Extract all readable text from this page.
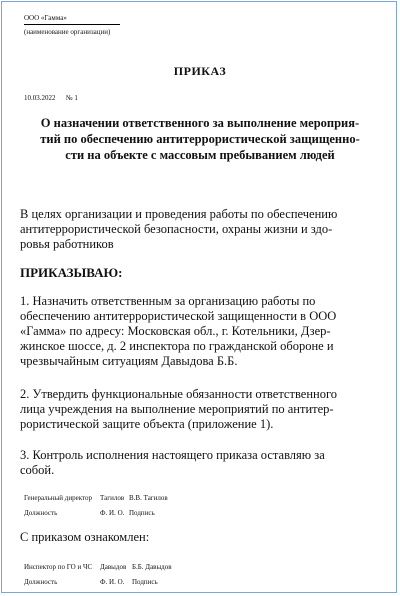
ООО «Гамма»
(наименование организации)
ПРИКАЗ
10.03.2022 № 1
О назначении ответственного за выполнение мероприя-
тий по обеспечению антитеррористической защищенно-
сти на объекте с массовым пребыванием людей
В целях организации и проведения работы по обеспечению
антитеррористической безопасности, охраны жизни и здо-
ровья работников
ПРИКАЗЫВАЮ:
1. Назначить ответственным за организацию работы по
обеспечению антитеррористической защищенности в ООО
«Гамма» по адресу: Московская обл., г. Котельники, Дзер-
жинское шоссе, д. 2 инспектора по гражданской обороне и
чрезвычайным ситуациям Давыдова Б.Б.
2. Утвердить функциональные обязанности ответственного
лица учреждения на выполнение мероприятий по антитер-
рористической защите объекта (приложение 1).
3. Контроль исполнения настоящего приказа оставляю за
собой.
Генеральный директор Тагилов В.В. Тагилов
Должность	Ф. И. О. Подпись
С приказом ознакомлен:
Инспектор по ГО и ЧС Давыдов Б.Б. Давыдов
Должность	Ф. И. О. Подпись
